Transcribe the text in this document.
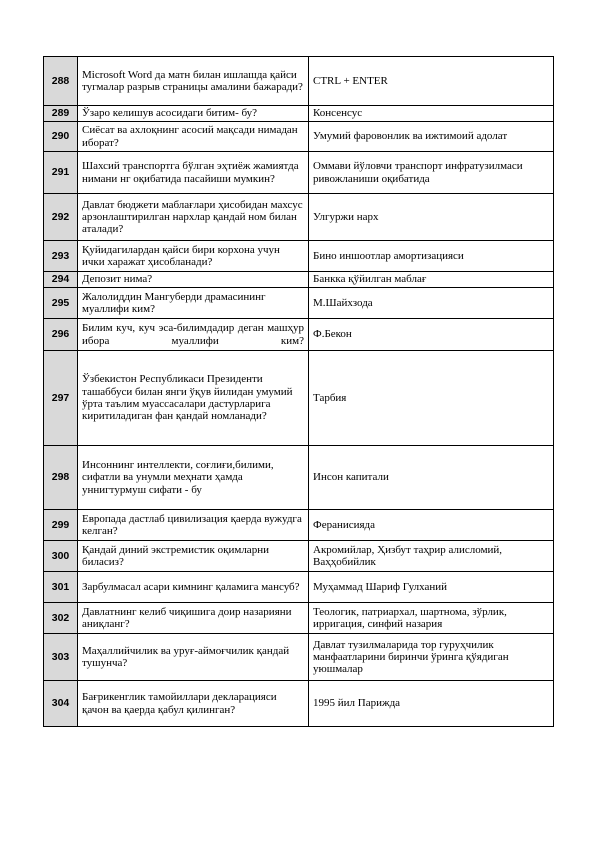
288	Microsoft Word да матн билан ишлашда қайси тугмалар разрыв страницы амалини бажаради?	CTRL + ENTER
289	Ўзаро келишув асосидаги битим- бу?	Консенсус
290	Сиёсат ва ахлоқнинг асосий мақсади нимадан иборат?	Умумий фаровонлик ва ижтимоий адолат
291	Шахсий транспортга бўлган эҳтиёж жамиятда нимани нг оқибатида пасайиши мумкин?	Оммави йўловчи транспорт инфратузилмаси ривожланиши оқибатида
292	Давлат бюджети маблағлари ҳисобидан махсус арзонлаштирилган нархлар қандай ном билан аталади?	Улгуржи нарх
293	Қуйидагилардан қайси бири корхона учун ички харажат ҳисобланади?	Бино иншоотлар амортизацияси
294	Депозит нима?	Банкка қўйилган маблағ
295	Жалолиддин Мангуберди драмасининг муаллифи ким?	М.Шайхзода
296	Билим куч, куч эса-билимдадир деган машҳур ибора муаллифи ким?	Ф.Бекон
297	Ўзбекистон Республикаси Президенти ташаббуси билан янги ўқув йилидан умумий ўрта таълим муассасалари дастурларига киритиладиган фан қандай номланади?	Тарбия
298	Инсоннинг интеллекти, соғлиғи,билими, сифатли ва унумли меҳнати ҳамда уннигтурмуш сифати - бу	Инсон капитали
299	Европада дастлаб цивилизация қаерда вужудга келган?	Феранисияда
300	Қандай диний экстремистик оқимларни биласиз?	Акромийлар, Ҳизбут таҳрир алисломий, Ваҳҳобийлик
301	Зарбулмасал асари кимнинг қаламига мансуб?	Муҳаммад Шариф Гулханий
302	Давлатнинг келиб чиқишига доир назарияни аниқланг?	Теологик, патриархал, шартнома, зўрлик, ирригация, синфий назария
303	Маҳаллийчилик ва уруғ-аймоғчилик қандай тушунча?	Давлат тузилмаларида тор гуруҳчилик манфаатларини биринчи ўринга қўядиган уюшмалар
304	Бағрикенглик тамойиллари декларацияси қачон ва қаерда қабул қилинган?	1995 йил Парижда
